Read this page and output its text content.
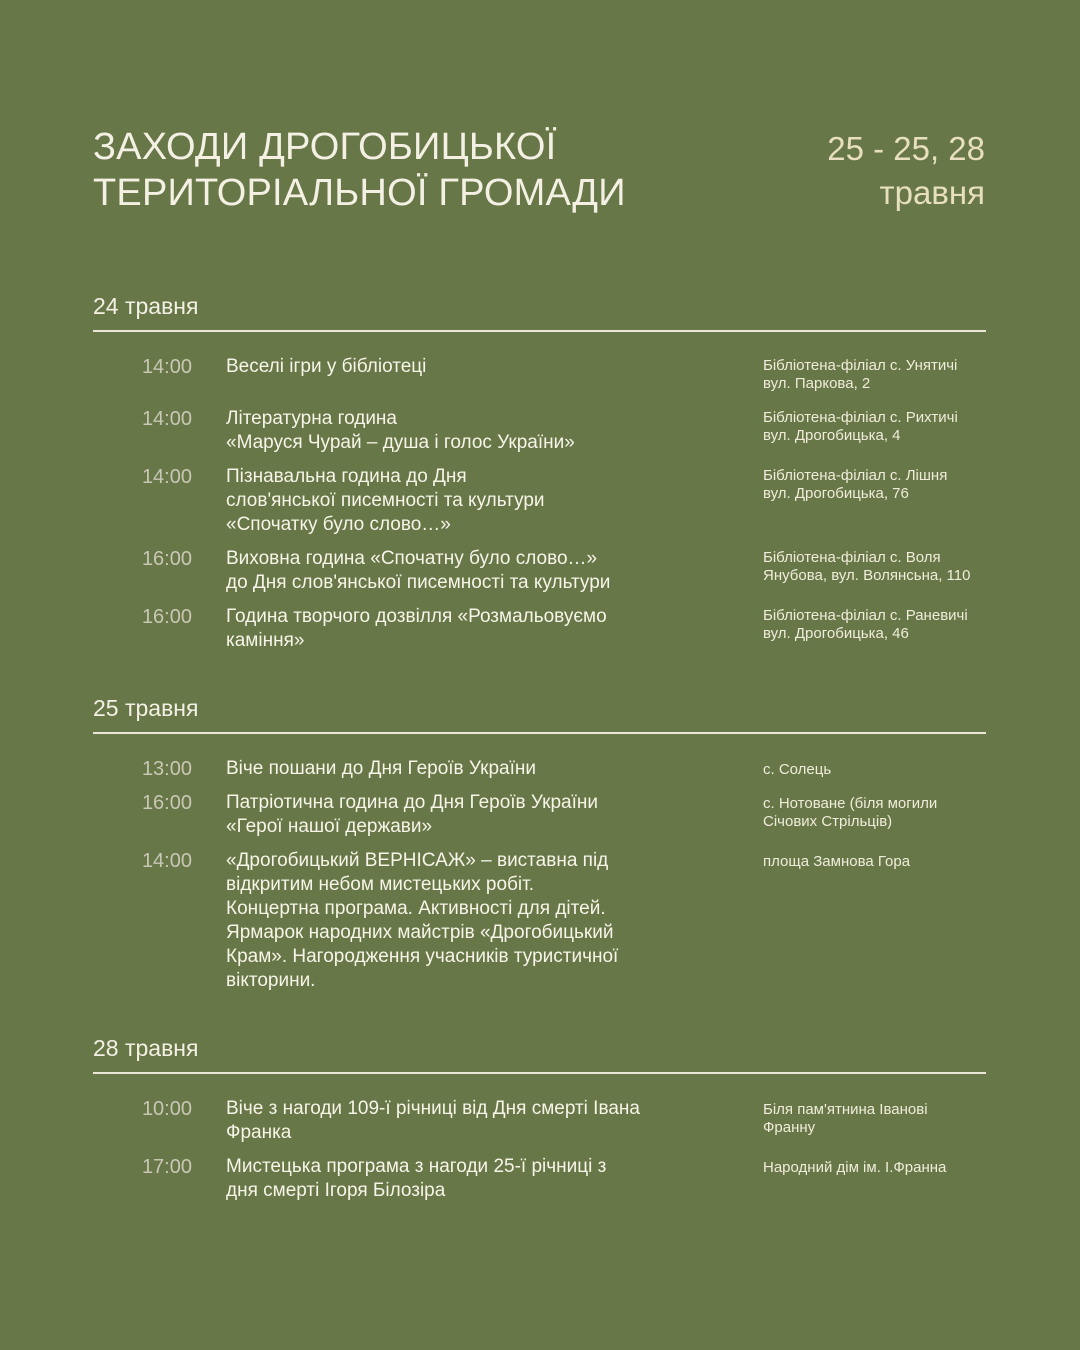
ЗАХОДИ ДРОГОБИЦЬКОЇ
ТЕРИТОРІАЛЬНОЇ ГРОМАДИ
25 - 25, 28
травня
24 травня
14:00 Веселі ігри у бібліотеці	Бібліотена-філіал с. Унятичі
вул. Паркова, 2
14:00 Літературна година
«Маруся Чурай – душа і голос України»
Бібліотена-філіал с. Рихтичі
вул. Дрогобицька, 4
14:00 Пізнавальна година до Дня
слов'янської писемності та культури
«Спочатку було слово…»
Бібліотена-філіал с. Лішня
вул. Дрогобицька, 76
16:00 Виховна година «Спочатну було слово…»
до Дня слов'янської писемності та культури
Бібліотена-філіал с. Воля
Янубова, вул. Волянсьна, 110
16:00 Година творчого дозвілля «Розмальовуємо
каміння»
Бібліотена-філіал с. Раневичі
вул. Дрогобицька, 46
25 травня
13:00 Віче пошани до Дня Героїв України	с. Солець
16:00 Патріотична година до Дня Героїв України
«Герої нашої держави»
с. Нотоване (біля могили
Січових Стрільців)
14:00 «Дрогобицький ВЕРНІСАЖ» – виставна під
відкритим небом мистецьких робіт.
Концертна програма. Активності для дітей.
Ярмарок народних майстрів «Дрогобицький
Крам». Нагородження учасників туристичної
вікторини.
площа Замнова Гора
28 травня
10:00 Віче з нагоди 109-ї річниці від Дня смерті Івана
Франка
Біля пам'ятнина Іванові
Франну
17:00 Мистецька програма з нагоди 25-ї річниці з
дня смерті Ігоря Білозіра
Народний дім ім. І.Франна
